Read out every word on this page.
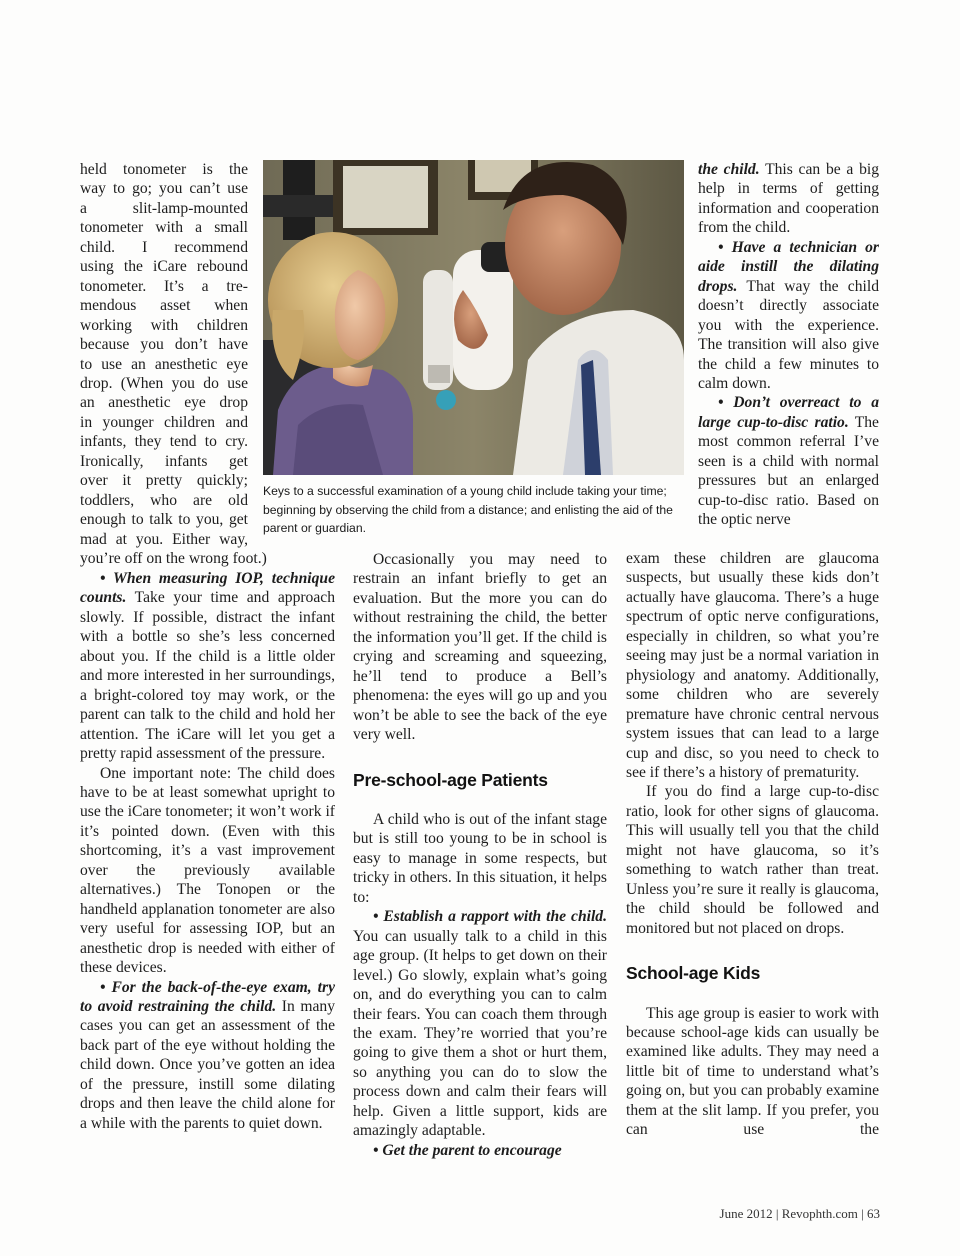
held tonometer is the
way to go; you can’t use
a slit-lamp-mounted
tonometer with a small
child. I recommend
using the iCare rebound
tonometer. It’s a tre-
mendous asset when
working with children
because you don’t have
to use an anesthetic eye
drop. (When you do use
an anesthetic eye drop
in younger children and
infants, they tend to cry.
Ironically, infants get
over it pretty quickly;
toddlers, who are old
enough to talk to you, get
mad at you. Either way,
you’re off on the wrong foot.)

• When measuring IOP, technique counts. Take your time and approach slowly. If possible, distract the infant with a bottle so she’s less concerned about you. If the child is a little older and more interested in her surroundings, a bright-colored toy may work, or the parent can talk to the child and hold her attention. The iCare will let you get a pretty rapid assessment of the pressure.

One important note: The child does have to be at least somewhat upright to use the iCare tonometer; it won’t work if it’s pointed down. (Even with this shortcoming, it’s a vast improvement over the previously available alternatives.) The Tonopen or the handheld applanation tonometer are also very useful for assessing IOP, but an anesthetic drop is needed with either of these devices.

• For the back-of-the-eye exam, try to avoid restraining the child. In many cases you can get an assessment of the back part of the eye without holding the child down. Once you’ve gotten an idea of the pressure, instill some dilating drops and then leave the child alone for a while with the parents to quiet down.

Keys to a successful examination of a young child include taking your time; beginning by observing the child from a distance; and enlisting the aid of the parent or guardian.

Occasionally you may need to restrain an infant briefly to get an evaluation. But the more you can do without restraining the child, the better the information you’ll get. If the child is crying and screaming and squeezing, he’ll tend to produce a Bell’s phenomena: the eyes will go up and you won’t be able to see the back of the eye very well.

Pre-school-age Patients

A child who is out of the infant stage but is still too young to be in school is easy to manage in some respects, but tricky in others. In this situation, it helps to:

• Establish a rapport with the child. You can usually talk to a child in this age group. (It helps to get down on their level.) Go slowly, explain what’s going on, and do everything you can to calm their fears. You can coach them through the exam. They’re worried that you’re going to give them a shot or hurt them, so anything you can do to slow the process down and calm their fears will help. Given a little support, kids are amazingly adaptable.

• Get the parent to encourage

the child. This can be a big help in terms of getting information and cooperation from the child.

• Have a technician or aide instill the dilating drops. That way the child doesn’t directly associate you with the experience. The transition will also give the child a few minutes to calm down.

• Don’t overreact to a large cup-to-disc ratio. The most common referral I’ve seen is a child with normal pressures but an enlarged cup-to-disc ratio. Based on the optic nerve

exam these children are glaucoma suspects, but usually these kids don’t actually have glaucoma. There’s a huge spectrum of optic nerve configurations, especially in children, so what you’re seeing may just be a normal variation in physiology and anatomy. Additionally, some children who are severely premature have chronic central nervous system issues that can lead to a large cup and disc, so you need to check to see if there’s a history of prematurity.

If you do find a large cup-to-disc ratio, look for other signs of glaucoma. This will usually tell you that the child might not have glaucoma, so it’s something to watch rather than treat. Unless you’re sure it really is glaucoma, the child should be followed and monitored but not placed on drops.

School-age Kids

This age group is easier to work with because school-age kids can usually be examined like adults. They may need a little bit of time to understand what’s going on, but you can probably examine them at the slit lamp. If you prefer, you can use the

June 2012 | Revophth.com | 63
